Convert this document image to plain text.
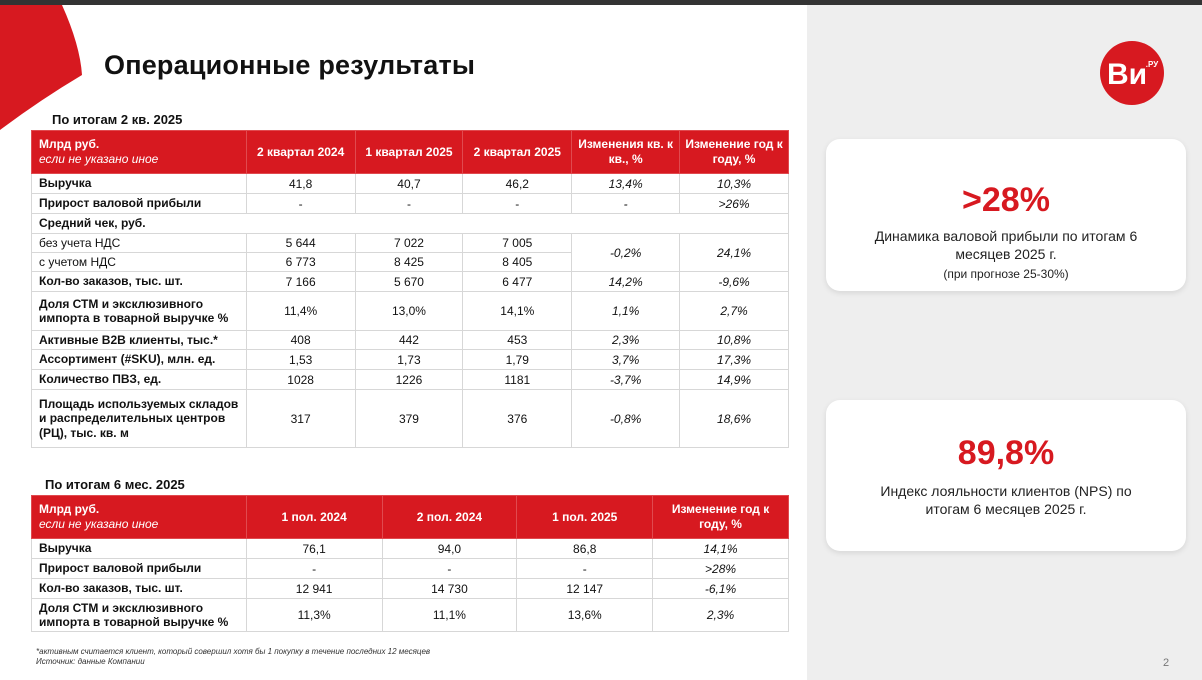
Операционные результаты	Ви
.РУ
По итогам 2 кв. 2025
Млрд руб.
если не указано иное	2 квартал 2024	1 квартал 2025	2 квартал 2025	Изменения кв. к кв., %	Изменение год к году, %
Выручка	41,8	40,7	46,2	13,4%	10,3%
Прирост валовой прибыли	-	-	-	-	>26%
Средний чек, руб.					
без учета НДС	5 644	7 022	7 005	-0,2%	24,1%
с учетом НДС	6 773	8 425	8 405		
Кол-во заказов, тыс. шт.	7 166	5 670	6 477	14,2%	-9,6%
Доля СТМ и эксклюзивного импорта в товарной выручке %	11,4%	13,0%	14,1%	1,1%	2,7%
Активные B2B клиенты, тыс.*	408	442	453	2,3%	10,8%
Ассортимент (#SKU), млн. ед.	1,53	1,73	1,79	3,7%	17,3%
Количество ПВЗ, ед.	1028	1226	1181	-3,7%	14,9%
Площадь используемых складов и распределительных центров (РЦ), тыс. кв. м	317	379	376	-0,8%	18,6%
По итогам 6 мес. 2025
Млрд руб.
если не указано иное	1 пол. 2024	2 пол. 2024	1 пол. 2025	Изменение год к году, %
Выручка	76,1	94,0	86,8	14,1%
Прирост валовой прибыли	-	-	-	>28%
Кол-во заказов, тыс. шт.	12 941	14 730	12 147	-6,1%
Доля СТМ и эксклюзивного импорта в товарной выручке %	11,3%	11,1%	13,6%	2,3%
>28%
Динамика валовой прибыли по итогам 6 месяцев 2025 г.
(при прогнозе 25-30%)
89,8%
Индекс лояльности клиентов (NPS) по итогам 6 месяцев 2025 г.
*активным считается клиент, который совершил хотя бы 1 покупку в течение последних 12 месяцев
Источник: данные Компании	2
